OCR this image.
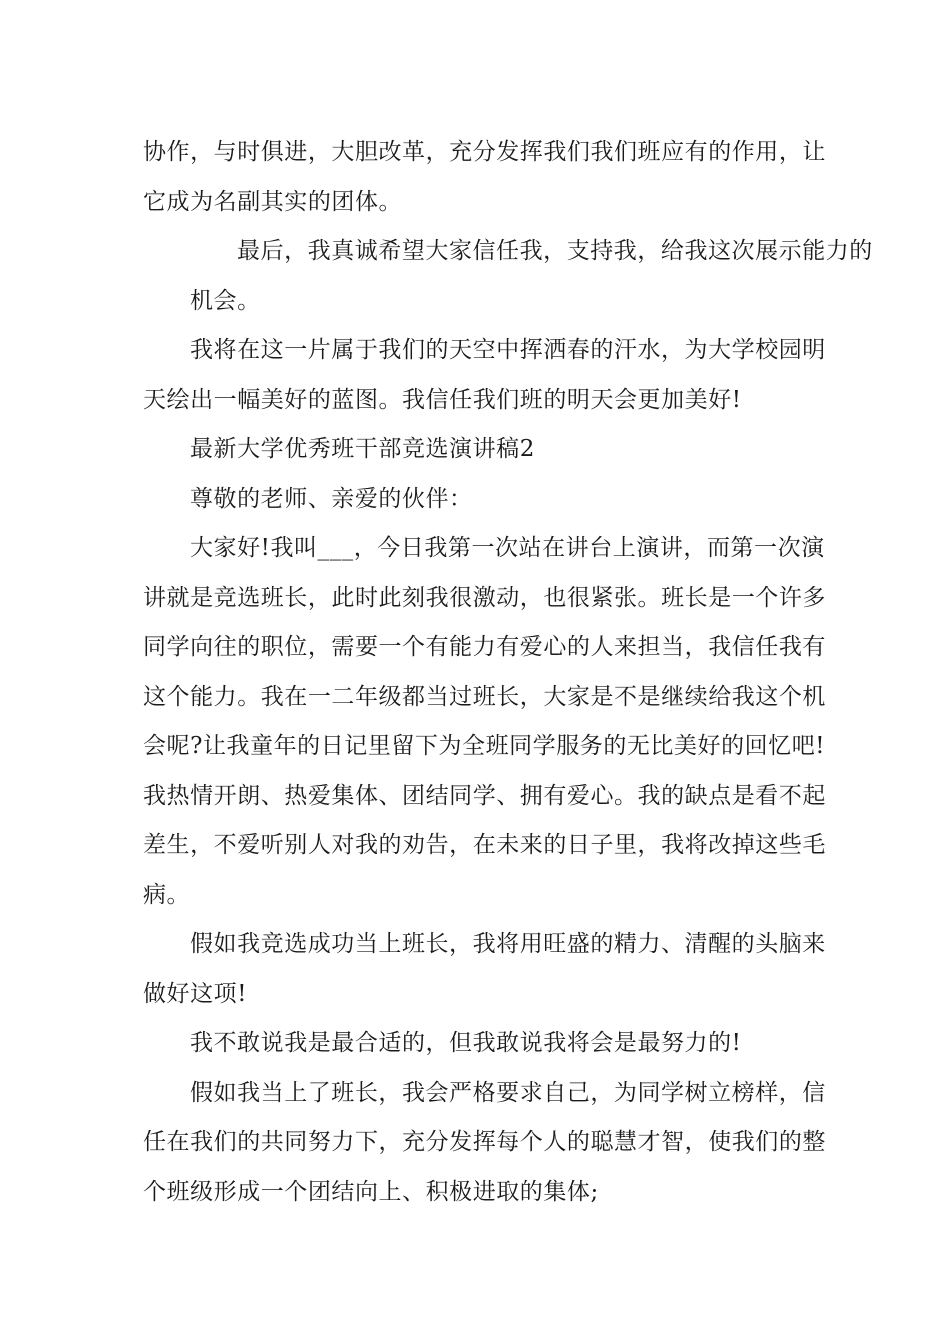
协作，与时俱进，大胆改革，充分发挥我们我们班应有的作用，让
它成为名副其实的团体。

最后，我真诚希望大家信任我，支持我，给我这次展示能力的
机会。

我将在这一片属于我们的天空中挥洒春的汗水，为大学校园明
天绘出一幅美好的蓝图。我信任我们班的明天会更加美好!

最新大学优秀班干部竞选演讲稿2

尊敬的老师、亲爱的伙伴：

大家好!我叫___，今日我第一次站在讲台上演讲，而第一次演
讲就是竞选班长，此时此刻我很激动，也很紧张。班长是一个许多
同学向往的职位，需要一个有能力有爱心的人来担当，我信任我有
这个能力。我在一二年级都当过班长，大家是不是继续给我这个机
会呢?让我童年的日记里留下为全班同学服务的无比美好的回忆吧!
我热情开朗、热爱集体、团结同学、拥有爱心。我的缺点是看不起
差生，不爱听别人对我的劝告，在未来的日子里，我将改掉这些毛
病。

假如我竞选成功当上班长，我将用旺盛的精力、清醒的头脑来
做好这项!

我不敢说我是最合适的，但我敢说我将会是最努力的!

假如我当上了班长，我会严格要求自己，为同学树立榜样，信
任在我们的共同努力下，充分发挥每个人的聪慧才智，使我们的整
个班级形成一个团结向上、积极进取的集体;
